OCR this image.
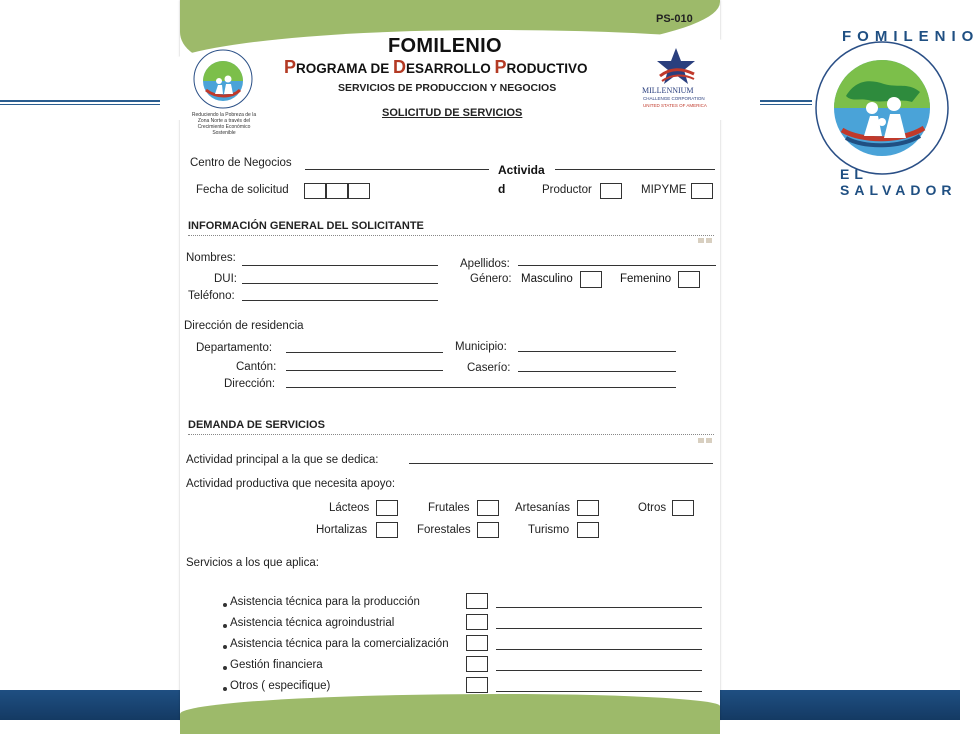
FOMILENIO
EL SALVADOR
PS-010
Reduciendo la Pobreza de la
Zona Norte a través del
Crecimiento Económico
Sostenible
FOMILENIO
PROGRAMA DE DESARROLLO PRODUCTIVO
SERVICIOS DE PRODUCCION Y NEGOCIOS
SOLICITUD DE SERVICIOS
MILLENNIUM
CHALLENGE CORPORATION
UNITED STATES OF AMERICA
Centro de Negocios	Actividad
Fecha de solicitud	Productor	MIPYME
INFORMACIÓN GENERAL DEL SOLICITANTE
Nombres:	Apellidos:
DUI:	Género: Masculino	Femenino
Teléfono:
Dirección de residencia
Departamento:	Municipio:
Cantón:	Caserío:
Dirección:
DEMANDA DE SERVICIOS
Actividad principal a la que se dedica:
Actividad productiva que necesita apoyo:
Lácteos	Frutales	Artesanías	Otros
Hortalizas	Forestales	Turismo
Servicios a los que aplica:
Asistencia técnica para la producción
Asistencia técnica agroindustrial
Asistencia técnica para la comercialización
Gestión financiera
Otros ( especifique)
